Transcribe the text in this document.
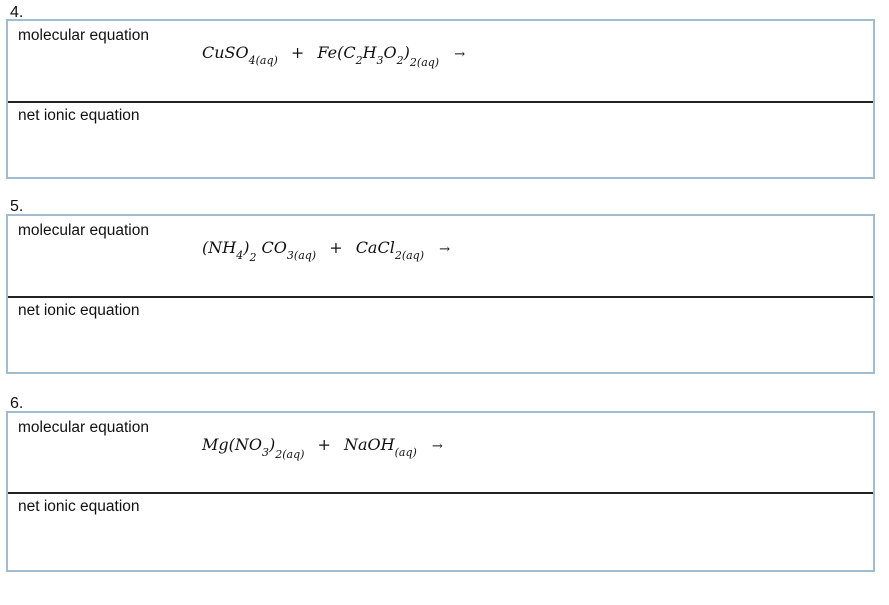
4.
molecular equation
CuSO$_{4(aq)}$ + $Fe(C_2H_3O_2)_{2(aq)}$ →
net ionic equation
5.
molecular equation
$(NH_4)_2$ $CO_{3(aq)}$ + CaCl$_{2(aq)}$ →
net ionic equation
6.
molecular equation
$Mg(NO_3)_{2(aq)}$ + NaOH$_{(aq)}$ →
net ionic equation
